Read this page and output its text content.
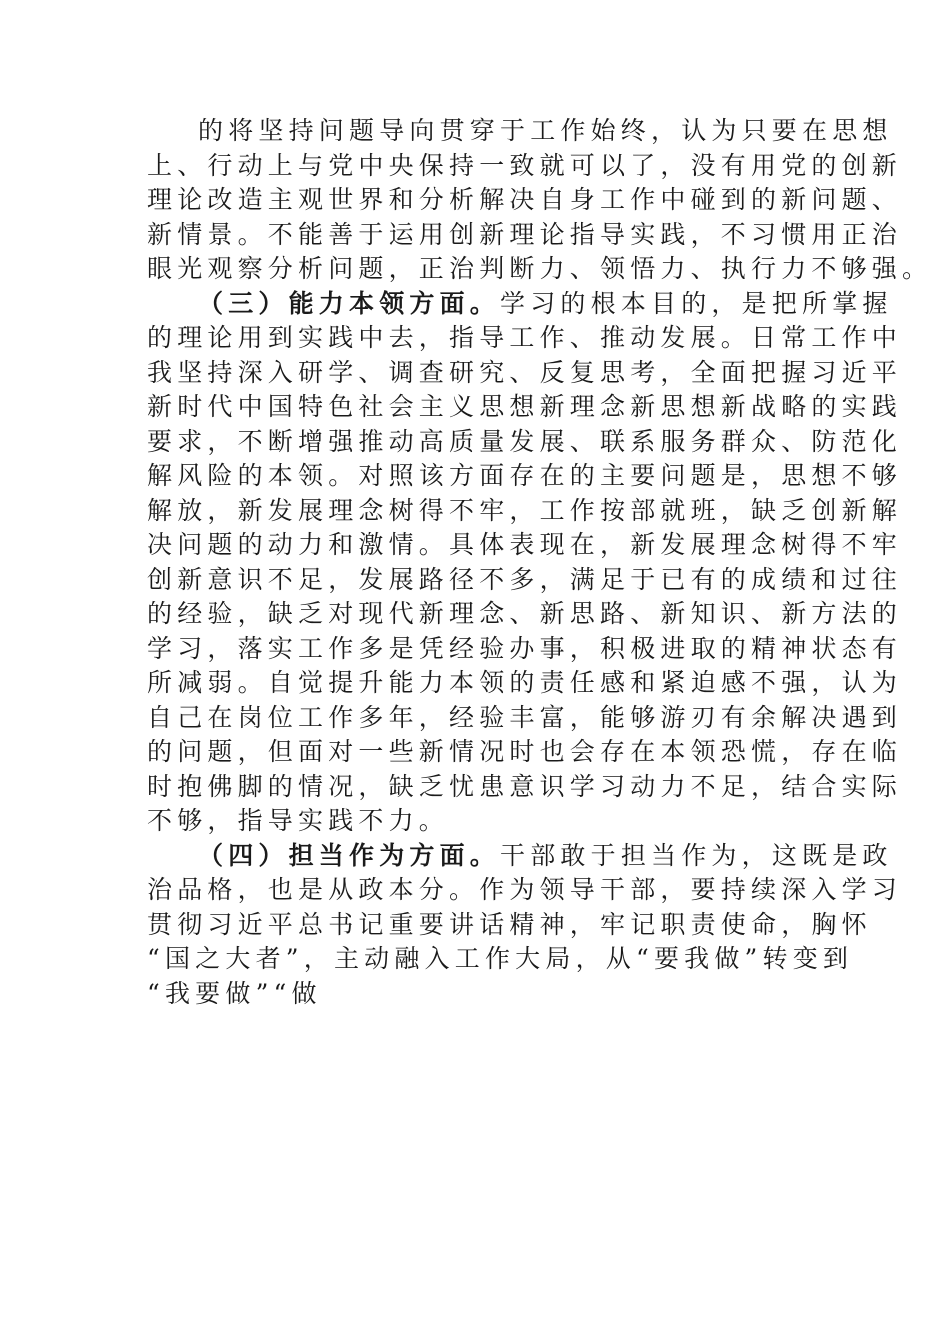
的将坚持问题导向贯穿于工作始终，认为只要在思想
上、行动上与党中央保持一致就可以了，没有用党的创新
理论改造主观世界和分析解决自身工作中碰到的新问题、
新情景。不能善于运用创新理论指导实践，不习惯用正治
眼光观察分析问题，正治判断力、领悟力、执行力不够强。
（三）能力本领方面。学习的根本目的，是把所掌握
的理论用到实践中去，指导工作、推动发展。日常工作中
我坚持深入研学、调查研究、反复思考，全面把握习近平
新时代中国特色社会主义思想新理念新思想新战略的实践
要求，不断增强推动高质量发展、联系服务群众、防范化
解风险的本领。对照该方面存在的主要问题是，思想不够
解放，新发展理念树得不牢，工作按部就班，缺乏创新解
决问题的动力和激情。具体表现在，新发展理念树得不牢
创新意识不足，发展路径不多，满足于已有的成绩和过往
的经验，缺乏对现代新理念、新思路、新知识、新方法的
学习，落实工作多是凭经验办事，积极进取的精神状态有
所减弱。自觉提升能力本领的责任感和紧迫感不强，认为
自己在岗位工作多年，经验丰富，能够游刃有余解决遇到
的问题，但面对一些新情况时也会存在本领恐慌，存在临
时抱佛脚的情况，缺乏忧患意识学习动力不足，结合实际
不够，指导实践不力。
（四）担当作为方面。干部敢于担当作为，这既是政
治品格，也是从政本分。作为领导干部，要持续深入学习
贯彻习近平总书记重要讲话精神，牢记职责使命，胸怀
“国之大者”，主动融入工作大局，从“要我做”转变到
“我要做”“做
